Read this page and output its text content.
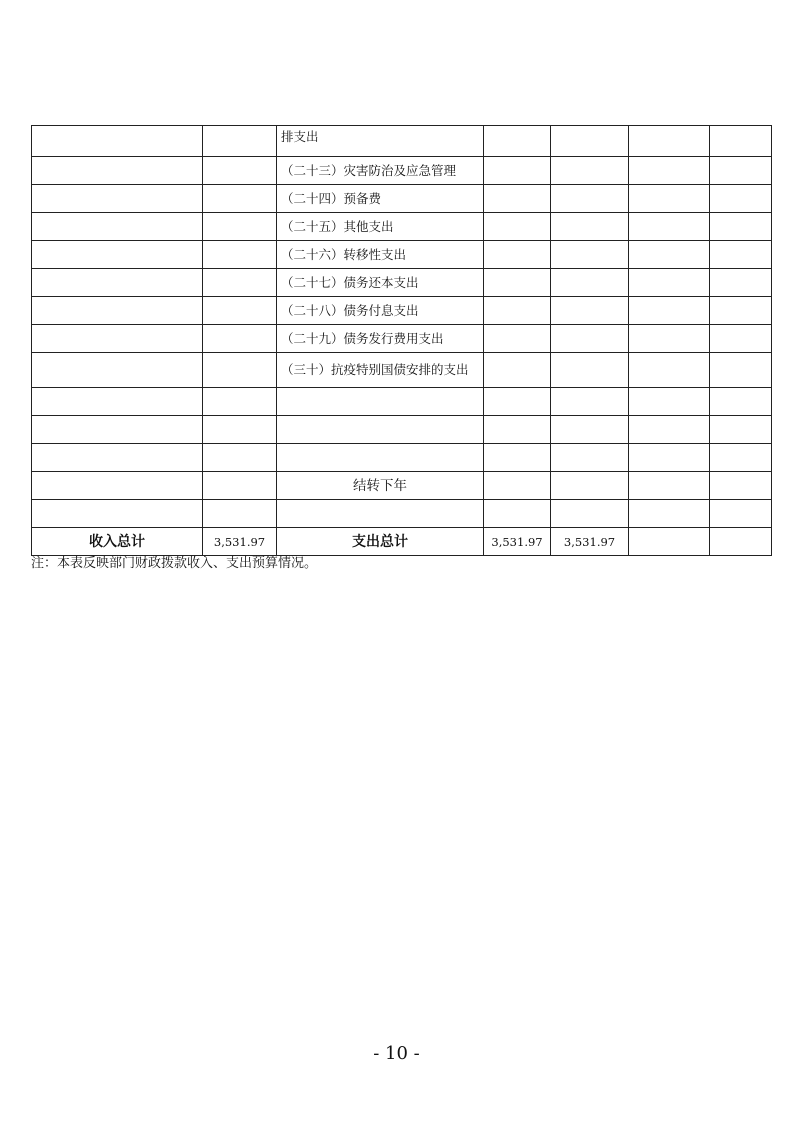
		排支出				
		（二十三）灾害防治及应急管理				
		（二十四）预备费				
		（二十五）其他支出				
		（二十六）转移性支出				
		（二十七）债务还本支出				
		（二十八）债务付息支出				
		（二十九）债务发行费用支出				
		（三十）抗疫特别国债安排的支出				

		结转下年				

收入总计	3,531.97	支出总计	3,531.97	3,531.97		
注：本表反映部门财政拨款收入、支出预算情况。
- 10 -
